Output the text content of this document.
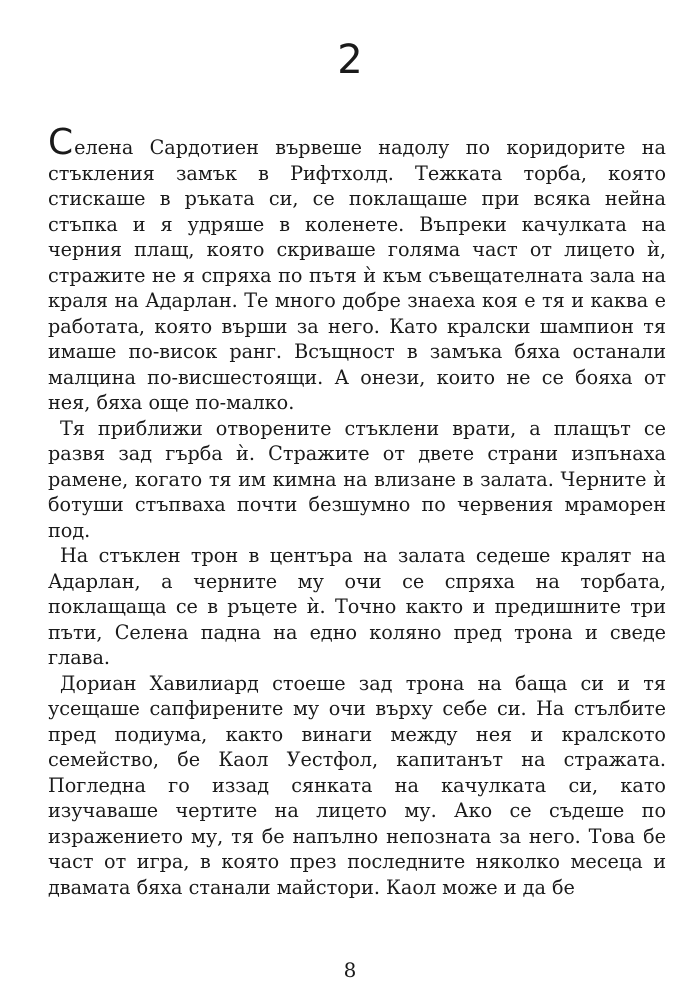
2

Селена Сардотиен вървеше надолу по коридорите на стъкления замък в Рифтхолд. Тежката торба, която стискаше в ръката си, се поклащаше при всяка нейна стъпка и я удряше в коленете. Въпреки качулката на черния плащ, която скриваше голяма част от лицето ѝ, стражите не я спряха по пътя ѝ към съвещателната зала на краля на Адарлан. Те много добре знаеха коя е тя и каква е работата, която върши за него. Като кралски шампион тя имаше по-висок ранг. Всъщност в замъка бяха останали малцина по-висшестоящи. А онези, които не се бояха от нея, бяха още по-малко.

Тя приближи отворените стъклени врати, а плащът се развя зад гърба ѝ. Стражите от двете страни изпънаха рамене, когато тя им кимна на влизане в залата. Черните ѝ ботуши стъпваха почти безшумно по червения мраморен под.

На стъклен трон в центъра на залата седеше кралят на Адарлан, а черните му очи се спряха на торбата, поклащаща се в ръцете ѝ. Точно както и предишните три пъти, Селена падна на едно коляно пред трона и сведе глава.

Дориан Хавилиард стоеше зад трона на баща си и тя усещаше сапфирените му очи върху себе си. На стълбите пред подиума, както винаги между нея и кралското семейство, бе Каол Уестфол, капитанът на стражата. Погледна го иззад сянката на качулката си, като изучаваше чертите на лицето му. Ако се съдеше по изражението му, тя бе напълно непозната за него. Това бе част от игра, в която през последните няколко месеца и двамата бяха станали майстори. Каол може и да бе

8
